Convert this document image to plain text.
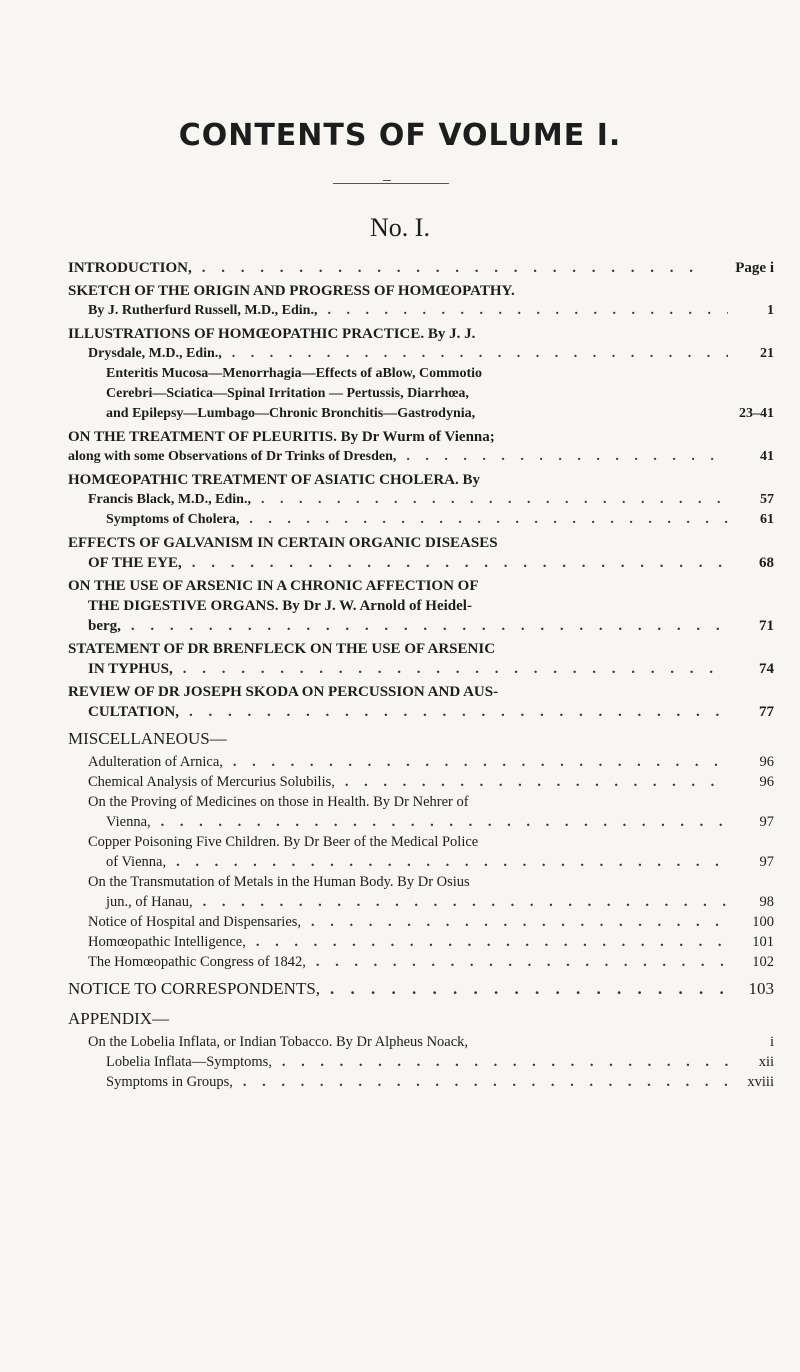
CONTENTS OF VOLUME I.
No. I.
INTRODUCTION, . . .	Page i
SKETCH OF THE ORIGIN AND PROGRESS OF HOMŒOPATHY.
By J. Rutherfurd Russell, M.D., Edin., . . .	1
ILLUSTRATIONS OF HOMŒOPATHIC PRACTICE. By J. J.
Drysdale, M.D., Edin., . . .	21
Enteritis Mucosa—Menorrhagia—Effects of aBlow, Commotio
Cerebri—Sciatica—Spinal Irritation — Pertussis, Diarrhœa,
and Epilepsy—Lumbago—Chronic Bronchitis—Gastrodynia,	23–41
ON THE TREATMENT OF PLEURITIS. By Dr Wurm of Vienna;
along with some Observations of Dr Trinks of Dresden, . . .	41
HOMŒOPATHIC TREATMENT OF ASIATIC CHOLERA. By
Francis Black, M.D., Edin., . . .	57
Symptoms of Cholera, . . .	61
EFFECTS OF GALVANISM IN CERTAIN ORGANIC DISEASES
OF THE EYE, . . .	68
ON THE USE OF ARSENIC IN A CHRONIC AFFECTION OF
THE DIGESTIVE ORGANS. By Dr J. W. Arnold of Heidel-
berg, . . .	71
STATEMENT OF DR BRENFLECK ON THE USE OF ARSENIC
IN TYPHUS, . . .	74
REVIEW OF DR JOSEPH SKODA ON PERCUSSION AND AUS-
CULTATION, . . .	77
MISCELLANEOUS—
Adulteration of Arnica, . . .	96
Chemical Analysis of Mercurius Solubilis, . . .	96
On the Proving of Medicines on those in Health. By Dr Nehrer of
Vienna, . . .	97
Copper Poisoning Five Children. By Dr Beer of the Medical Police
of Vienna, . . .	97
On the Transmutation of Metals in the Human Body. By Dr Osius
jun., of Hanau, . . .	98
Notice of Hospital and Dispensaries, . . .	100
Homœopathic Intelligence, . . .	101
The Homœopathic Congress of 1842, . . .	102
NOTICE TO CORRESPONDENTS, . . .	103
APPENDIX—
On the Lobelia Inflata, or Indian Tobacco. By Dr Alpheus Noack,	i
Lobelia Inflata—Symptoms, . . .	xii
Symptoms in Groups, . . .	xviii
